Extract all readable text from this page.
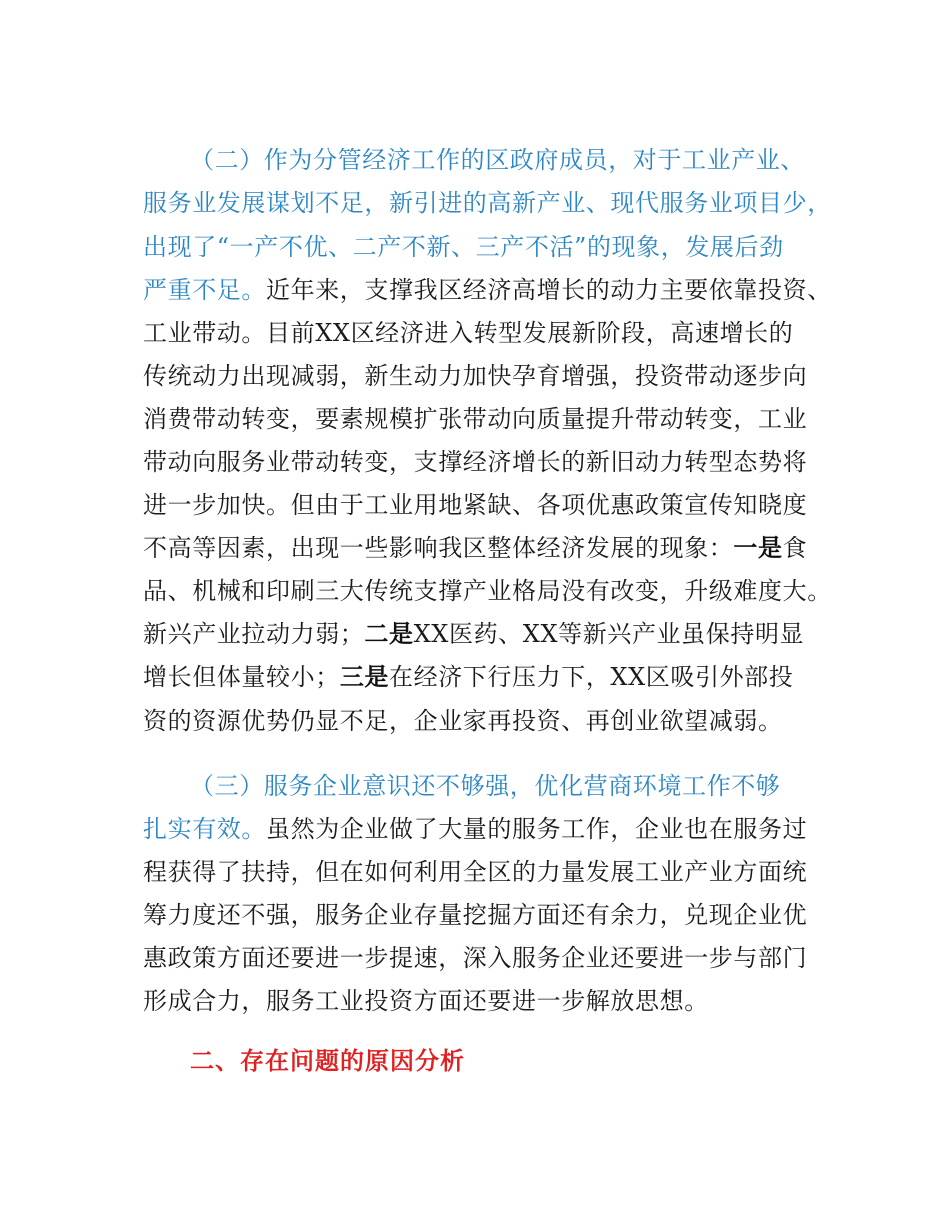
（二）作为分管经济工作的区政府成员，对于工业产业、
服务业发展谋划不足，新引进的高新产业、现代服务业项目少，
出现了“一产不优、二产不新、三产不活”的现象，发展后劲
严重不足。近年来，支撑我区经济高增长的动力主要依靠投资、
工业带动。目前XX区经济进入转型发展新阶段，高速增长的
传统动力出现减弱，新生动力加快孕育增强，投资带动逐步向
消费带动转变，要素规模扩张带动向质量提升带动转变，工业
带动向服务业带动转变，支撑经济增长的新旧动力转型态势将
进一步加快。但由于工业用地紧缺、各项优惠政策宣传知晓度
不高等因素，出现一些影响我区整体经济发展的现象：一是食
品、机械和印刷三大传统支撑产业格局没有改变，升级难度大。
新兴产业拉动力弱；二是XX医药、XX等新兴产业虽保持明显
增长但体量较小；三是在经济下行压力下，XX区吸引外部投
资的资源优势仍显不足，企业家再投资、再创业欲望减弱。
（三）服务企业意识还不够强，优化营商环境工作不够
扎实有效。虽然为企业做了大量的服务工作，企业也在服务过
程获得了扶持，但在如何利用全区的力量发展工业产业方面统
筹力度还不强，服务企业存量挖掘方面还有余力，兑现企业优
惠政策方面还要进一步提速，深入服务企业还要进一步与部门
形成合力，服务工业投资方面还要进一步解放思想。
二、存在问题的原因分析
